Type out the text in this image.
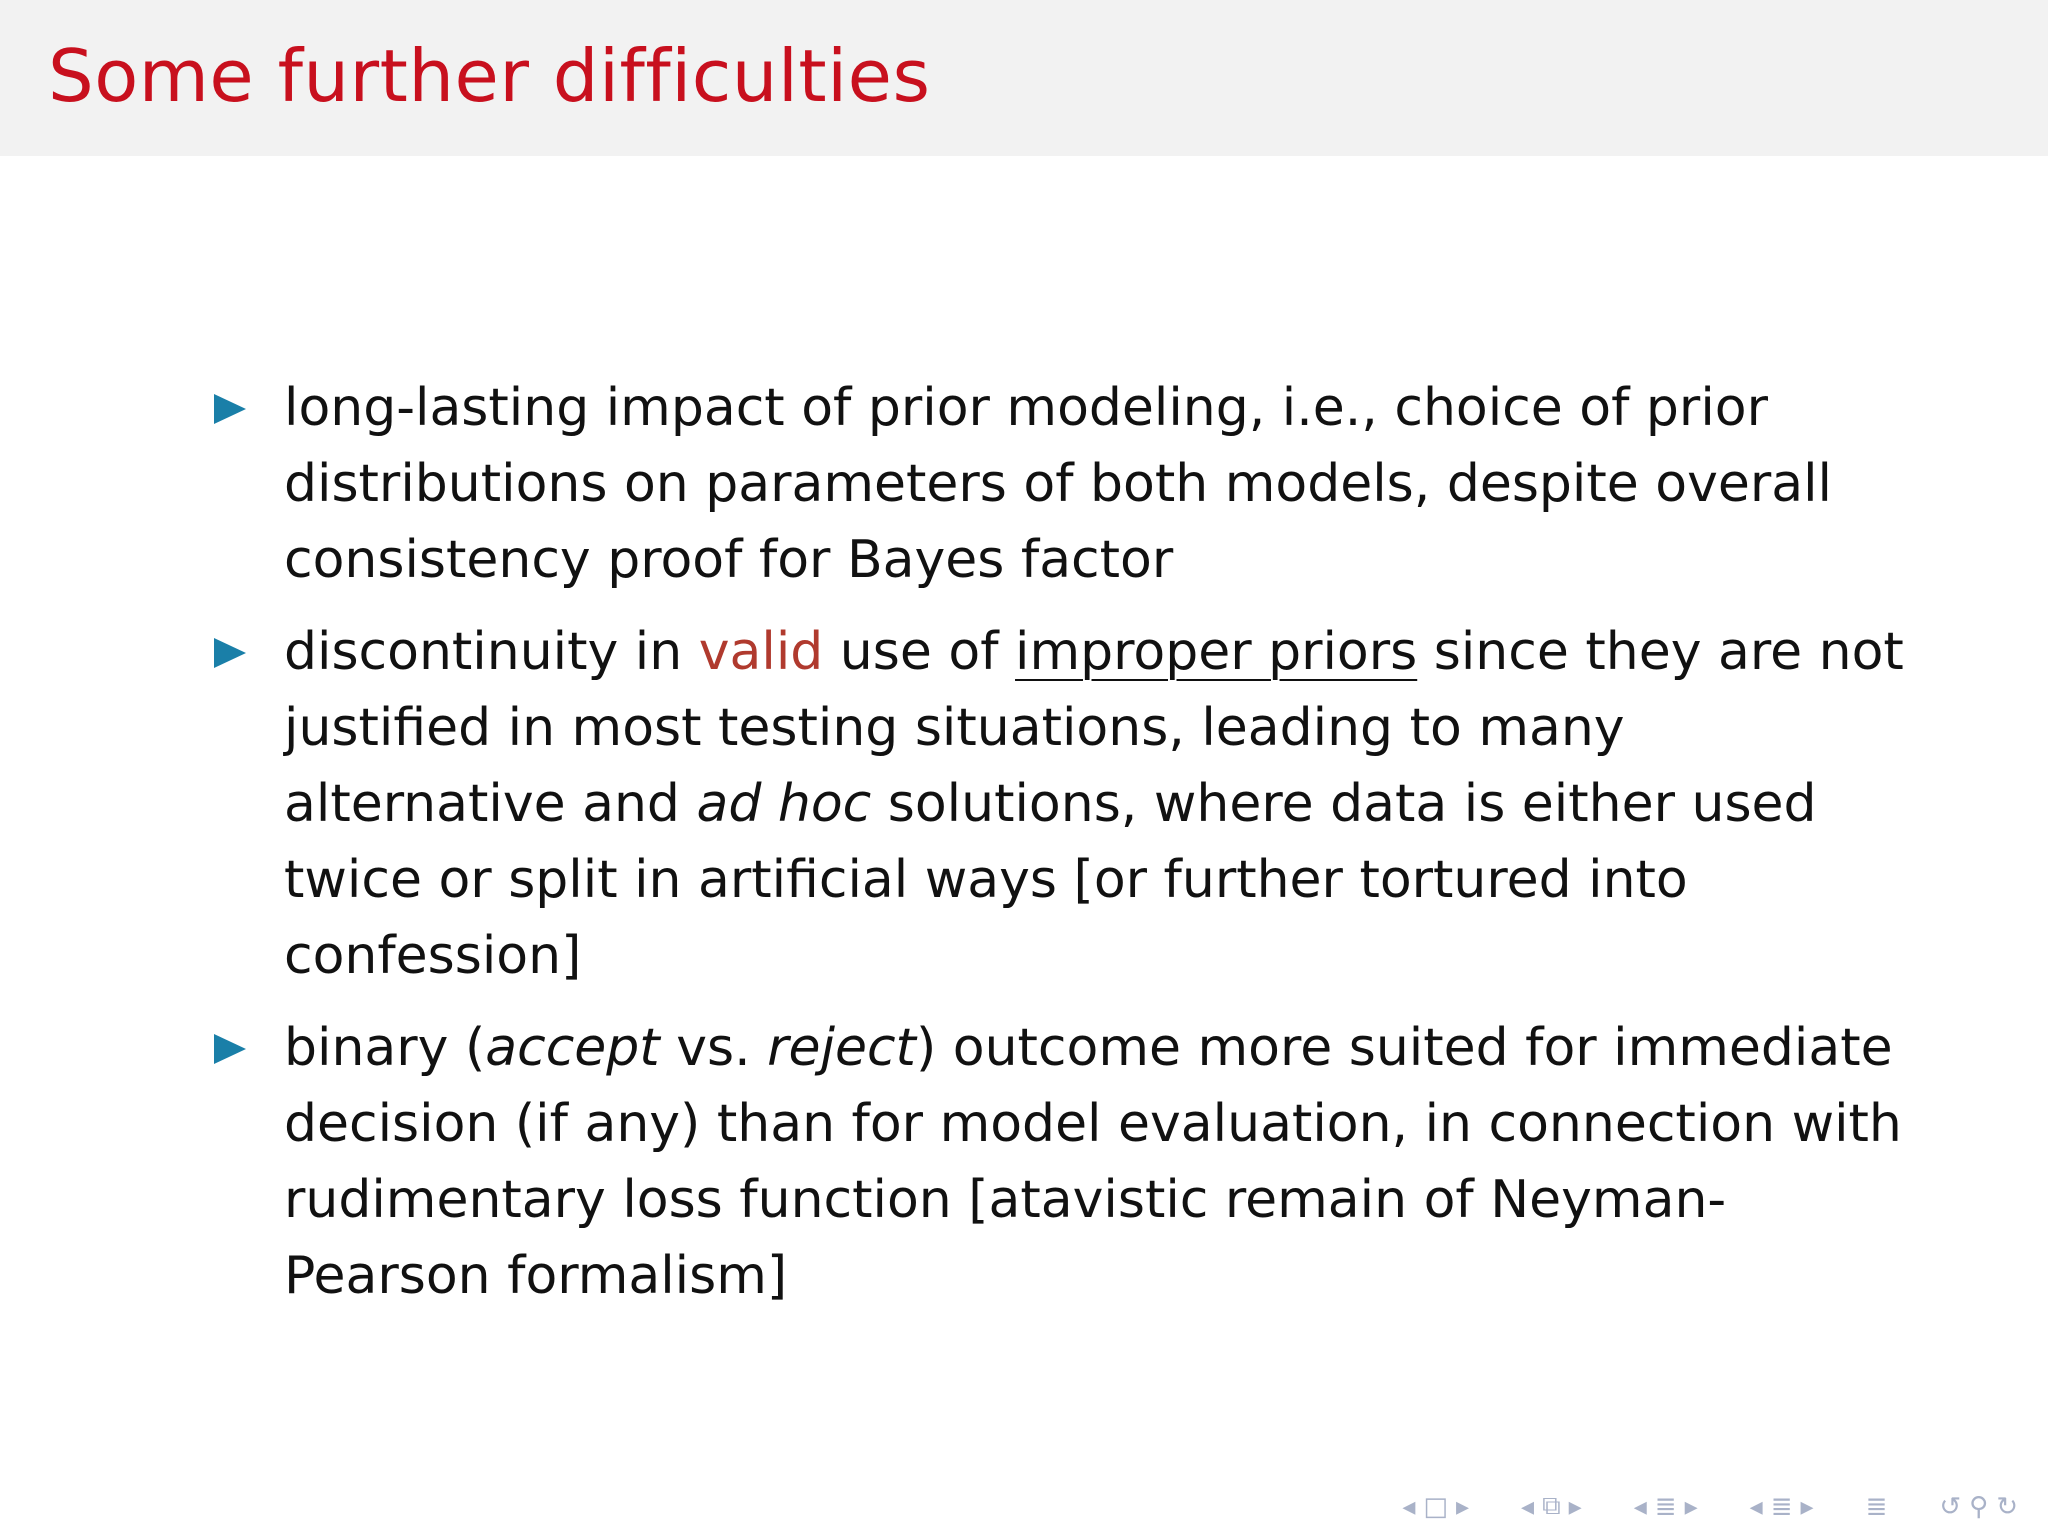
Some further difficulties
long-lasting impact of prior modeling, i.e., choice of prior distributions on parameters of both models, despite overall consistency proof for Bayes factor
discontinuity in valid use of improper priors since they are not justified in most testing situations, leading to many alternative and ad hoc solutions, where data is either used twice or split in artificial ways [or further tortured into confession]
binary (accept vs. reject) outcome more suited for immediate decision (if any) than for model evaluation, in connection with rudimentary loss function [atavistic remain of Neyman-Pearson formalism]
◂ □ ▸ ◂ ⧉ ▸ ◂ ≣ ▸ ◂ ≣ ▸ ≣ ↺ ⚲ ↻
